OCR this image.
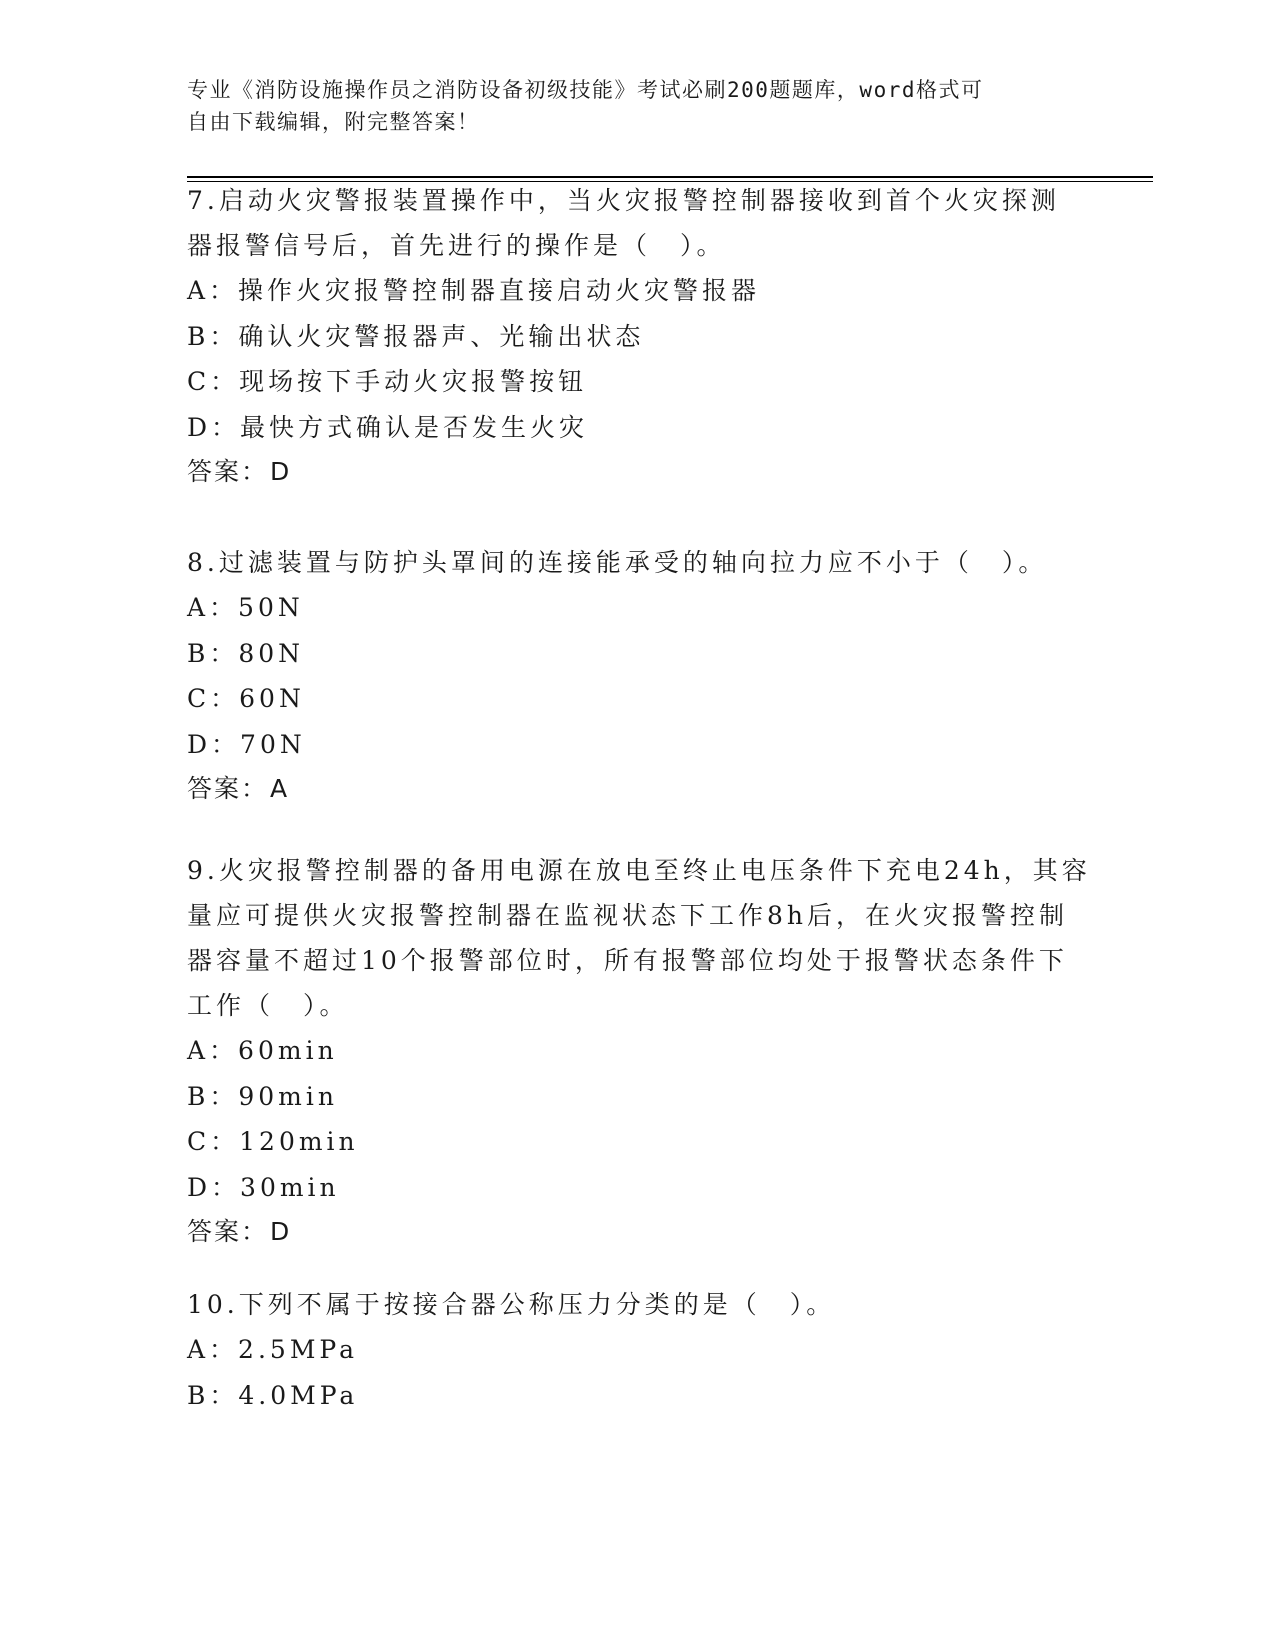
专业《消防设施操作员之消防设备初级技能》考试必刷200题题库，word格式可
自由下载编辑，附完整答案！
7.启动火灾警报装置操作中，当火灾报警控制器接收到首个火灾探测
器报警信号后，首先进行的操作是（　）。
A：操作火灾报警控制器直接启动火灾警报器
B：确认火灾警报器声、光输出状态
C：现场按下手动火灾报警按钮
D：最快方式确认是否发生火灾
答案：D
8.过滤装置与防护头罩间的连接能承受的轴向拉力应不小于（　）。
A：50N
B：80N
C：60N
D：70N
答案：A
9.火灾报警控制器的备用电源在放电至终止电压条件下充电24h，其容
量应可提供火灾报警控制器在监视状态下工作8h后，在火灾报警控制
器容量不超过10个报警部位时，所有报警部位均处于报警状态条件下
工作（　）。
A：60min
B：90min
C：120min
D：30min
答案：D
10.下列不属于按接合器公称压力分类的是（　）。
A：2.5MPa
B：4.0MPa
